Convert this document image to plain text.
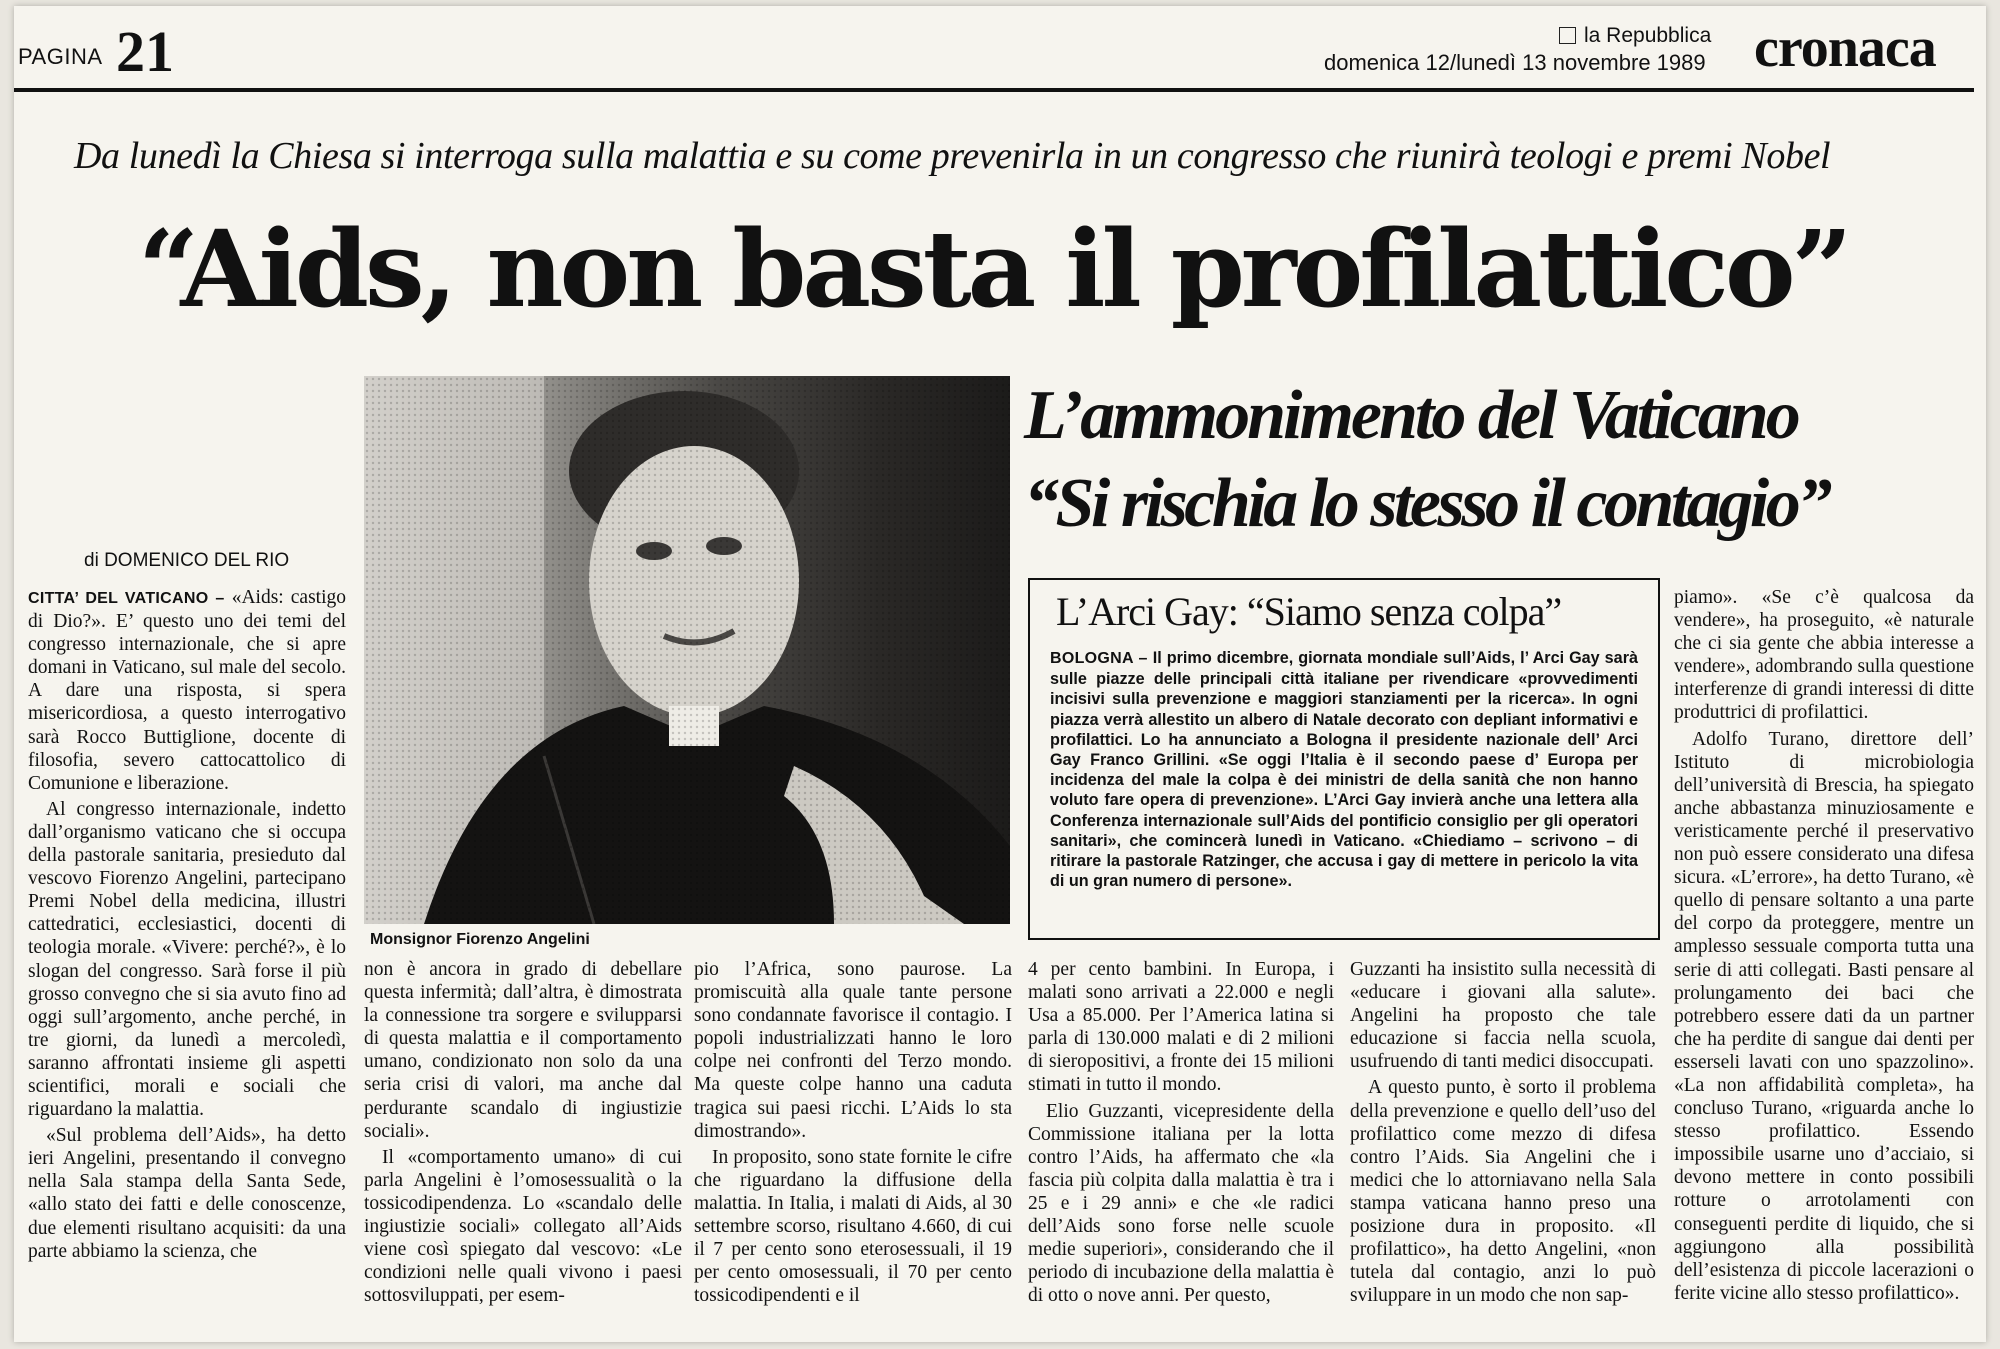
PAGINA 21	la Repubblica
domenica 12/lunedì 13 novembre 1989 cronaca
Da lunedì la Chiesa si interroga sulla malattia e su come prevenirla in un congresso che riunirà teologi e premi Nobel
“Aids, non basta il profilattico”
Monsignor Fiorenzo Angelini
L’ammonimento del Vaticano
“Si rischia lo stesso il contagio”
di DOMENICO DEL RIO

CITTA’ DEL VATICANO – «Aids: castigo di Dio?». E’ questo uno dei temi del congresso internazionale, che si apre domani in Vaticano, sul male del secolo. A dare una risposta, si spera misericordiosa, a questo interrogativo sarà Rocco Buttiglione, docente di filosofia, severo cattocattolico di Comunione e liberazione.

Al congresso internazionale, indetto dall’organismo vaticano che si occupa della pastorale sanitaria, presieduto dal vescovo Fiorenzo Angelini, partecipano Premi Nobel della medicina, illustri cattedratici, ecclesiastici, docenti di teologia morale. «Vivere: perché?», è lo slogan del congresso. Sarà forse il più grosso convegno che si sia avuto fino ad oggi sull’argomento, anche perché, in tre giorni, da lunedì a mercoledì, saranno affrontati insieme gli aspetti scientifici, morali e sociali che riguardano la malattia.

«Sul problema dell’Aids», ha detto ieri Angelini, presentando il convegno nella Sala stampa della Santa Sede, «allo stato dei fatti e delle conoscenze, due elementi risultano acquisiti: da una parte abbiamo la scienza, che

non è ancora in grado di debellare questa infermità; dall’altra, è dimostrata la connessione tra sorgere e svilupparsi di questa malattia e il comportamento umano, condizionato non solo da una seria crisi di valori, ma anche dal perdurante scandalo di ingiustizie sociali».

Il «comportamento umano» di cui parla Angelini è l’omosessualità o la tossicodipendenza. Lo «scandalo delle ingiustizie sociali» collegato all’Aids viene così spiegato dal vescovo: «Le condizioni nelle quali vivono i paesi sottosviluppati, per esem-

pio l’Africa, sono paurose. La promiscuità alla quale tante persone sono condannate favorisce il contagio. I popoli industrializzati hanno le loro colpe nei confronti del Terzo mondo. Ma queste colpe hanno una caduta tragica sui paesi ricchi. L’Aids lo sta dimostrando».

In proposito, sono state fornite le cifre che riguardano la diffusione della malattia. In Italia, i malati di Aids, al 30 settembre scorso, risultano 4.660, di cui il 7 per cento sono eterosessuali, il 19 per cento omosessuali, il 70 per cento tossicodipendenti e il

L’Arci Gay: “Siamo senza colpa”
BOLOGNA – Il primo dicembre, giornata mondiale sull’Aids, l’ Arci Gay sarà sulle piazze delle principali città italiane per rivendicare «provvedimenti incisivi sulla prevenzione e maggiori stanziamenti per la ricerca». In ogni piazza verrà allestito un albero di Natale decorato con depliant informativi e profilattici. Lo ha annunciato a Bologna il presidente nazionale dell’ Arci Gay Franco Grillini. «Se oggi l’Italia è il secondo paese d’ Europa per incidenza del male la colpa è dei ministri de della sanità che non hanno voluto fare opera di prevenzione». L’Arci Gay invierà anche una lettera alla Conferenza internazionale sull’Aids del pontificio consiglio per gli operatori sanitari», che comincerà lunedì in Vaticano. «Chiediamo – scrivono – di ritirare la pastorale Ratzinger, che accusa i gay di mettere in pericolo la vita di un gran numero di persone».

4 per cento bambini. In Europa, i malati sono arrivati a 22.000 e negli Usa a 85.000. Per l’America latina si parla di 130.000 malati e di 2 milioni di sieropositivi, a fronte dei 15 milioni stimati in tutto il mondo.

Elio Guzzanti, vicepresidente della Commissione italiana per la lotta contro l’Aids, ha affermato che «la fascia più colpita dalla malattia è tra i 25 e i 29 anni» e che «le radici dell’Aids sono forse nelle scuole medie superiori», considerando che il periodo di incubazione della malattia è di otto o nove anni. Per questo,

Guzzanti ha insistito sulla necessità di «educare i giovani alla salute». Angelini ha proposto che tale educazione si faccia nella scuola, usufruendo di tanti medici disoccupati.

A questo punto, è sorto il problema della prevenzione e quello dell’uso del profilattico come mezzo di difesa contro l’Aids. Sia Angelini che i medici che lo attorniavano nella Sala stampa vaticana hanno preso una posizione dura in proposito. «Il profilattico», ha detto Angelini, «non tutela dal contagio, anzi lo può sviluppare in un modo che non sap-

piamo». «Se c’è qualcosa da vendere», ha proseguito, «è naturale che ci sia gente che abbia interesse a vendere», adombrando sulla questione interferenze di grandi interessi di ditte produttrici di profilattici.

Adolfo Turano, direttore dell’ Istituto di microbiologia dell’università di Brescia, ha spiegato anche abbastanza minuziosamente e veristicamente perché il preservativo non può essere considerato una difesa sicura. «L’errore», ha detto Turano, «è quello di pensare soltanto a una parte del corpo da proteggere, mentre un amplesso sessuale comporta tutta una serie di atti collegati. Basti pensare al prolungamento dei baci che potrebbero essere dati da un partner che ha perdite di sangue dai denti per esserseli lavati con uno spazzolino». «La non affidabilità completa», ha concluso Turano, «riguarda anche lo stesso profilattico. Essendo impossibile usarne uno d’acciaio, si devono mettere in conto possibili rotture o arrotolamenti con conseguenti perdite di liquido, che si aggiungono alla possibilità dell’esistenza di piccole lacerazioni o ferite vicine allo stesso profilattico».
